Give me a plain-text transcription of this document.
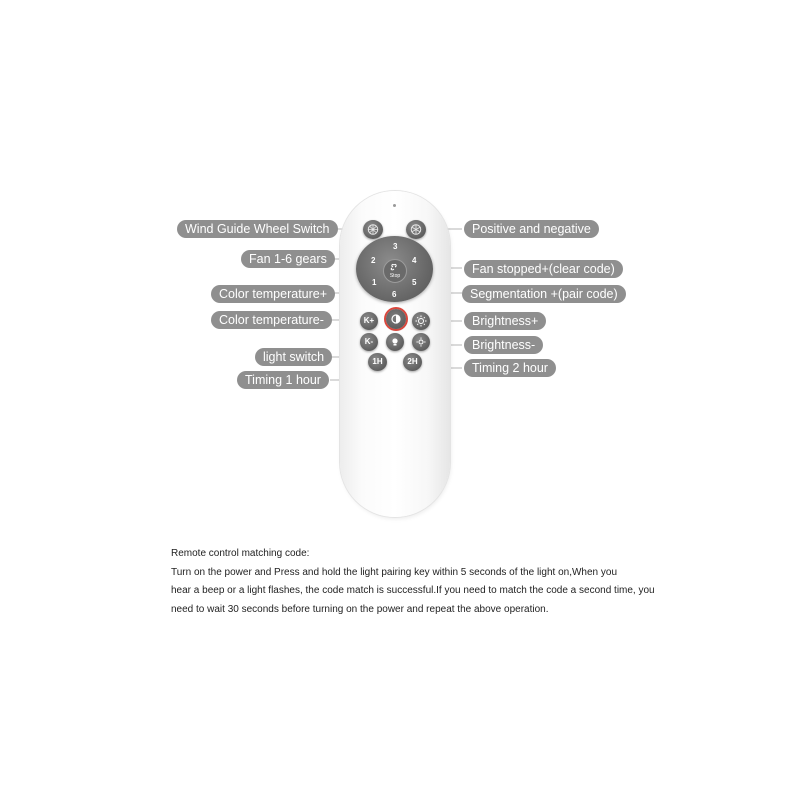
3
4
5
6
1
2
Stop
K+
K-
1H	2H
Wind Guide Wheel Switch	Positive and negative
Fan 1-6 gears
Fan stopped+(clear code)
Color temperature+	Segmentation +(pair code)
Color temperature-	Brightness+
Brightness-
light switch
Timing 1 hour
Timing 2 hour

Remote control matching code:

Turn on the power and Press and hold the light pairing key within 5 seconds of the light on,When you

hear a beep or a light flashes, the code match is successful.If you need to match the code a second time, you

need to wait 30 seconds before turning on the power and repeat the above operation.
